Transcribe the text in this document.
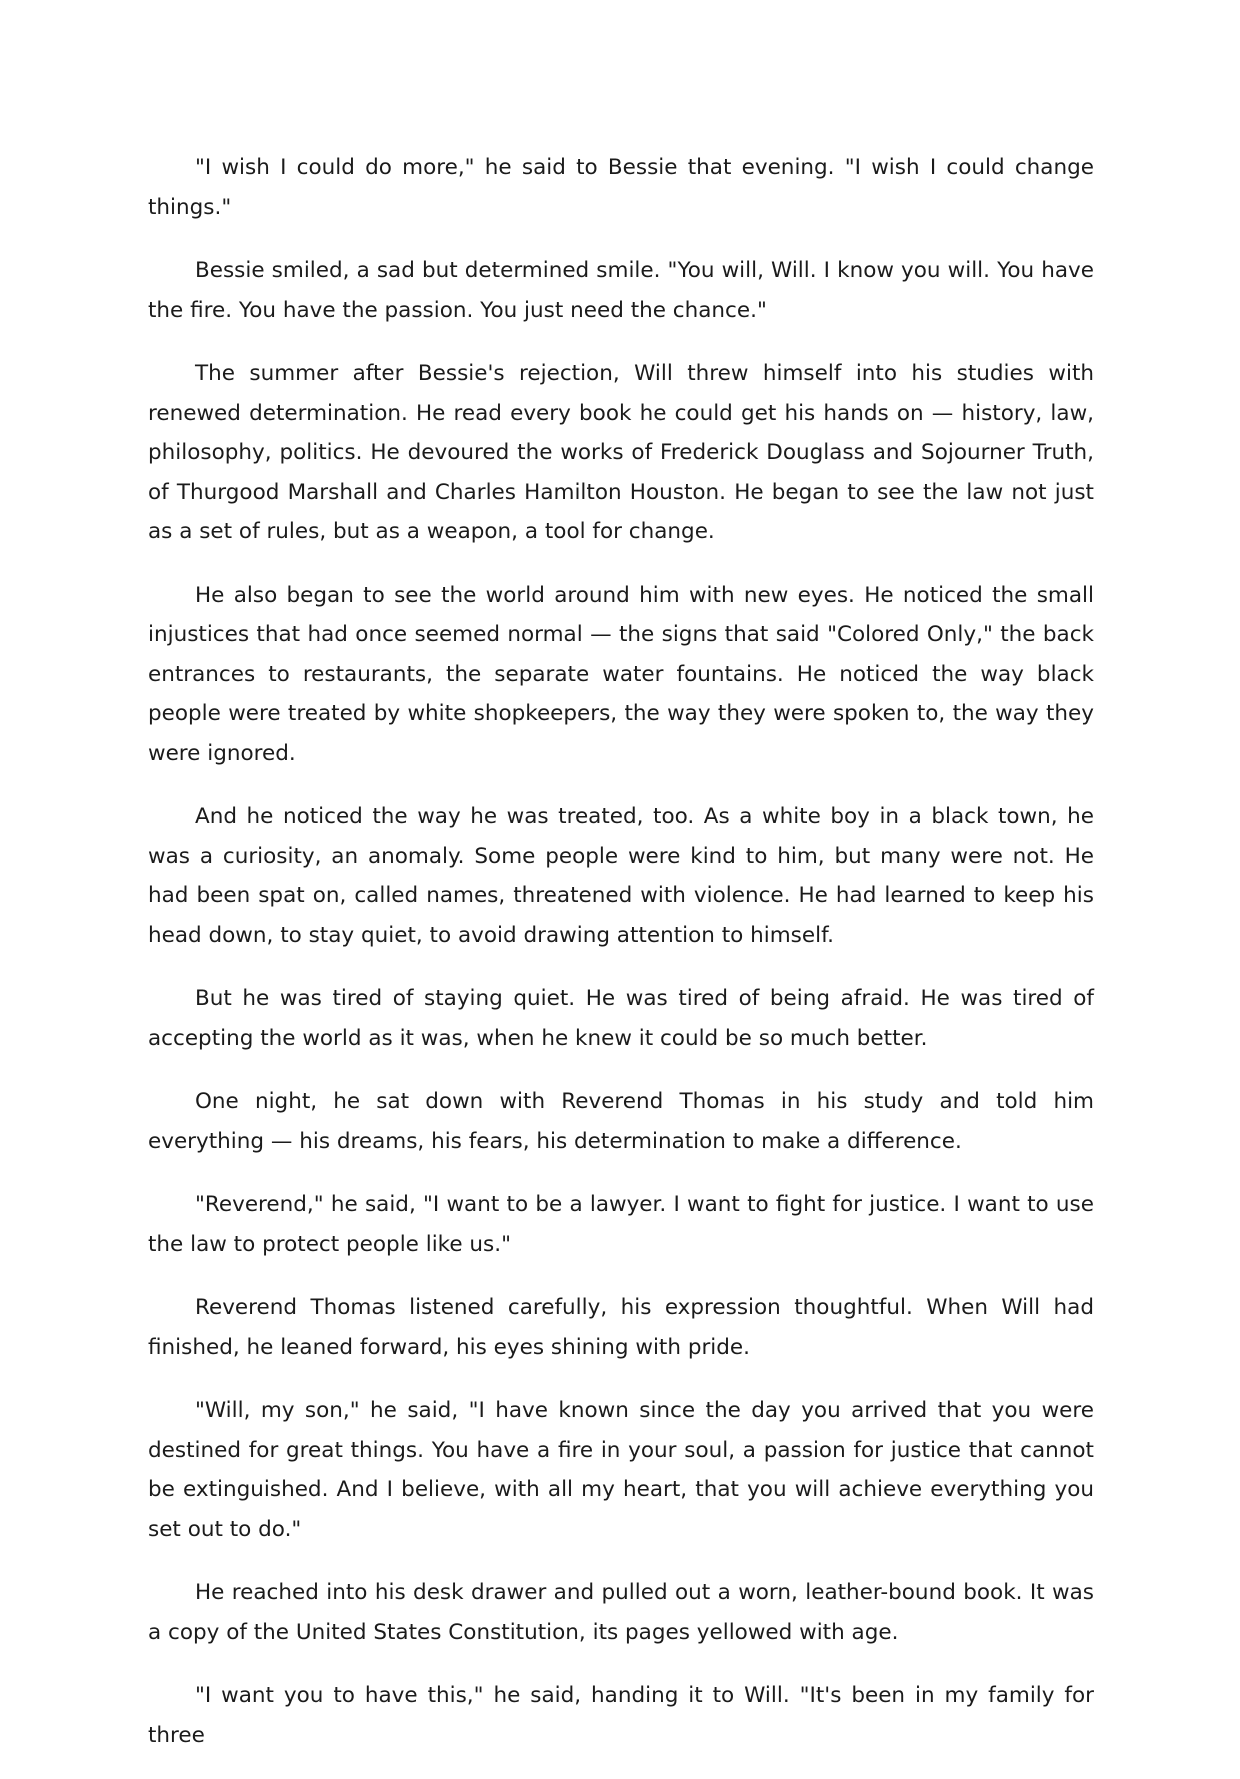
"I wish I could do more," he said to Bessie that evening. "I wish I could change things."

Bessie smiled, a sad but determined smile. "You will, Will. I know you will. You have the fire. You have the passion. You just need the chance."

The summer after Bessie's rejection, Will threw himself into his studies with renewed determination. He read every book he could get his hands on — history, law, philosophy, politics. He devoured the works of Frederick Douglass and Sojourner Truth, of Thurgood Marshall and Charles Hamilton Houston. He began to see the law not just as a set of rules, but as a weapon, a tool for change.

He also began to see the world around him with new eyes. He noticed the small injustices that had once seemed normal — the signs that said "Colored Only," the back entrances to restaurants, the separate water fountains. He noticed the way black people were treated by white shopkeepers, the way they were spoken to, the way they were ignored.

And he noticed the way he was treated, too. As a white boy in a black town, he was a curiosity, an anomaly. Some people were kind to him, but many were not. He had been spat on, called names, threatened with violence. He had learned to keep his head down, to stay quiet, to avoid drawing attention to himself.

But he was tired of staying quiet. He was tired of being afraid. He was tired of accepting the world as it was, when he knew it could be so much better.

One night, he sat down with Reverend Thomas in his study and told him everything — his dreams, his fears, his determination to make a difference.

"Reverend," he said, "I want to be a lawyer. I want to fight for justice. I want to use the law to protect people like us."

Reverend Thomas listened carefully, his expression thoughtful. When Will had finished, he leaned forward, his eyes shining with pride.

"Will, my son," he said, "I have known since the day you arrived that you were destined for great things. You have a fire in your soul, a passion for justice that cannot be extinguished. And I believe, with all my heart, that you will achieve everything you set out to do."

He reached into his desk drawer and pulled out a worn, leather-bound book. It was a copy of the United States Constitution, its pages yellowed with age.

"I want you to have this," he said, handing it to Will. "It's been in my family for three
